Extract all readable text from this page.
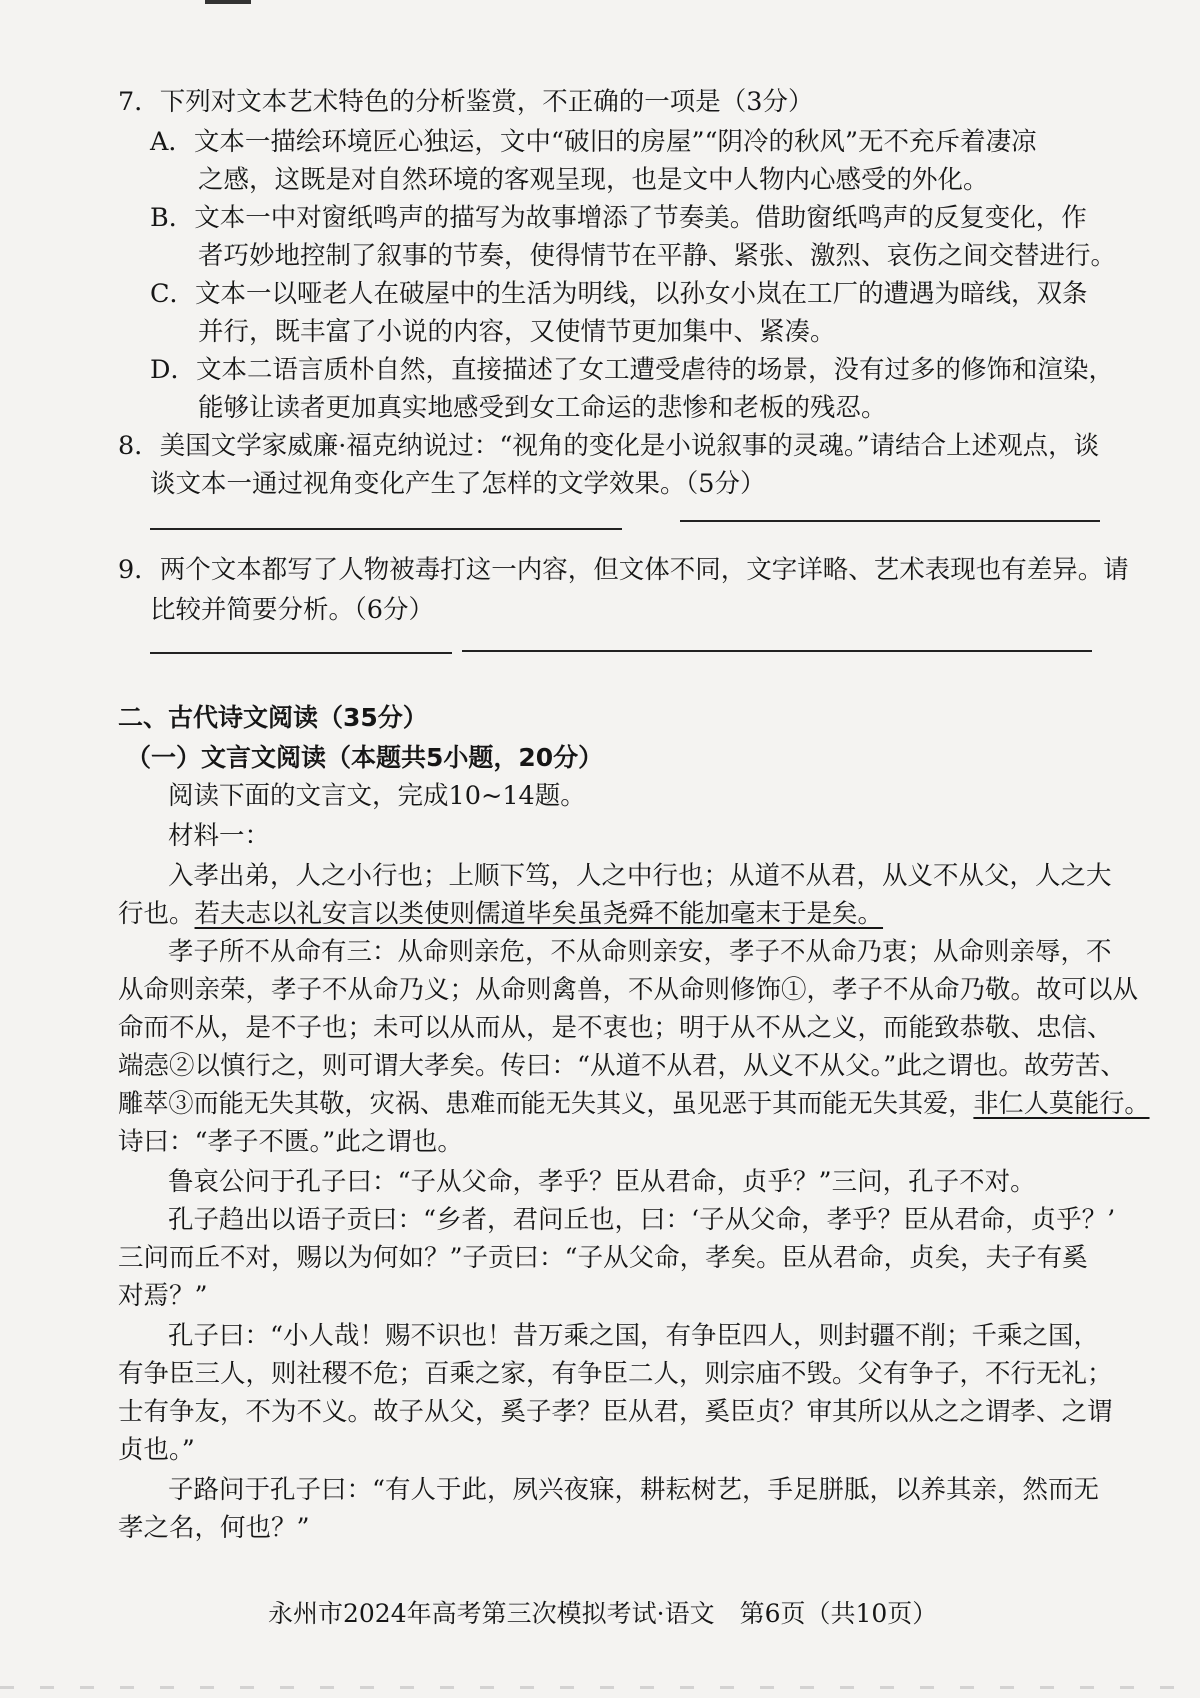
7．下列对文本艺术特色的分析鉴赏，不正确的一项是（3分）
A．文本一描绘环境匠心独运，文中“破旧的房屋”“阴冷的秋风”无不充斥着凄凉
之感，这既是对自然环境的客观呈现，也是文中人物内心感受的外化。
B．文本一中对窗纸鸣声的描写为故事增添了节奏美。借助窗纸鸣声的反复变化，作
者巧妙地控制了叙事的节奏，使得情节在平静、紧张、激烈、哀伤之间交替进行。
C．文本一以哑老人在破屋中的生活为明线，以孙女小岚在工厂的遭遇为暗线，双条
并行，既丰富了小说的内容，又使情节更加集中、紧凑。
D．文本二语言质朴自然，直接描述了女工遭受虐待的场景，没有过多的修饰和渲染，
能够让读者更加真实地感受到女工命运的悲惨和老板的残忍。
8．美国文学家威廉·福克纳说过：“视角的变化是小说叙事的灵魂。”请结合上述观点，谈
谈文本一通过视角变化产生了怎样的文学效果。（5分）
9．两个文本都写了人物被毒打这一内容，但文体不同，文字详略、艺术表现也有差异。请
比较并简要分析。（6分）
二、古代诗文阅读（35分）
（一）文言文阅读（本题共5小题，20分）
阅读下面的文言文，完成10~14题。
材料一：
入孝出弟，人之小行也；上顺下笃，人之中行也；从道不从君，从义不从父，人之大
行也。若夫志以礼安言以类使则儒道毕矣虽尧舜不能加毫末于是矣。
孝子所不从命有三：从命则亲危，不从命则亲安，孝子不从命乃衷；从命则亲辱，不
从命则亲荣，孝子不从命乃义；从命则禽兽，不从命则修饰①，孝子不从命乃敬。故可以从
命而不从，是不子也；未可以从而从，是不衷也；明于从不从之义，而能致恭敬、忠信、
端悫②以慎行之，则可谓大孝矣。传曰：“从道不从君，从义不从父。”此之谓也。故劳苦、
雕萃③而能无失其敬，灾祸、患难而能无失其义，虽见恶于其而能无失其爱，非仁人莫能行。
诗曰：“孝子不匮。”此之谓也。
鲁哀公问于孔子曰：“子从父命，孝乎？臣从君命，贞乎？”三问，孔子不对。
孔子趋出以语子贡曰：“乡者，君问丘也，曰：‘子从父命，孝乎？臣从君命，贞乎？’
三问而丘不对，赐以为何如？”子贡曰：“子从父命，孝矣。臣从君命，贞矣，夫子有奚
对焉？”
孔子曰：“小人哉！赐不识也！昔万乘之国，有争臣四人，则封疆不削；千乘之国，
有争臣三人，则社稷不危；百乘之家，有争臣二人，则宗庙不毁。父有争子，不行无礼；
士有争友，不为不义。故子从父，奚子孝？臣从君，奚臣贞？审其所以从之之谓孝、之谓
贞也。”
子路问于孔子曰：“有人于此，夙兴夜寐，耕耘树艺，手足胼胝，以养其亲，然而无
孝之名，何也？”
永州市2024年高考第三次模拟考试·语文　第6页（共10页）
